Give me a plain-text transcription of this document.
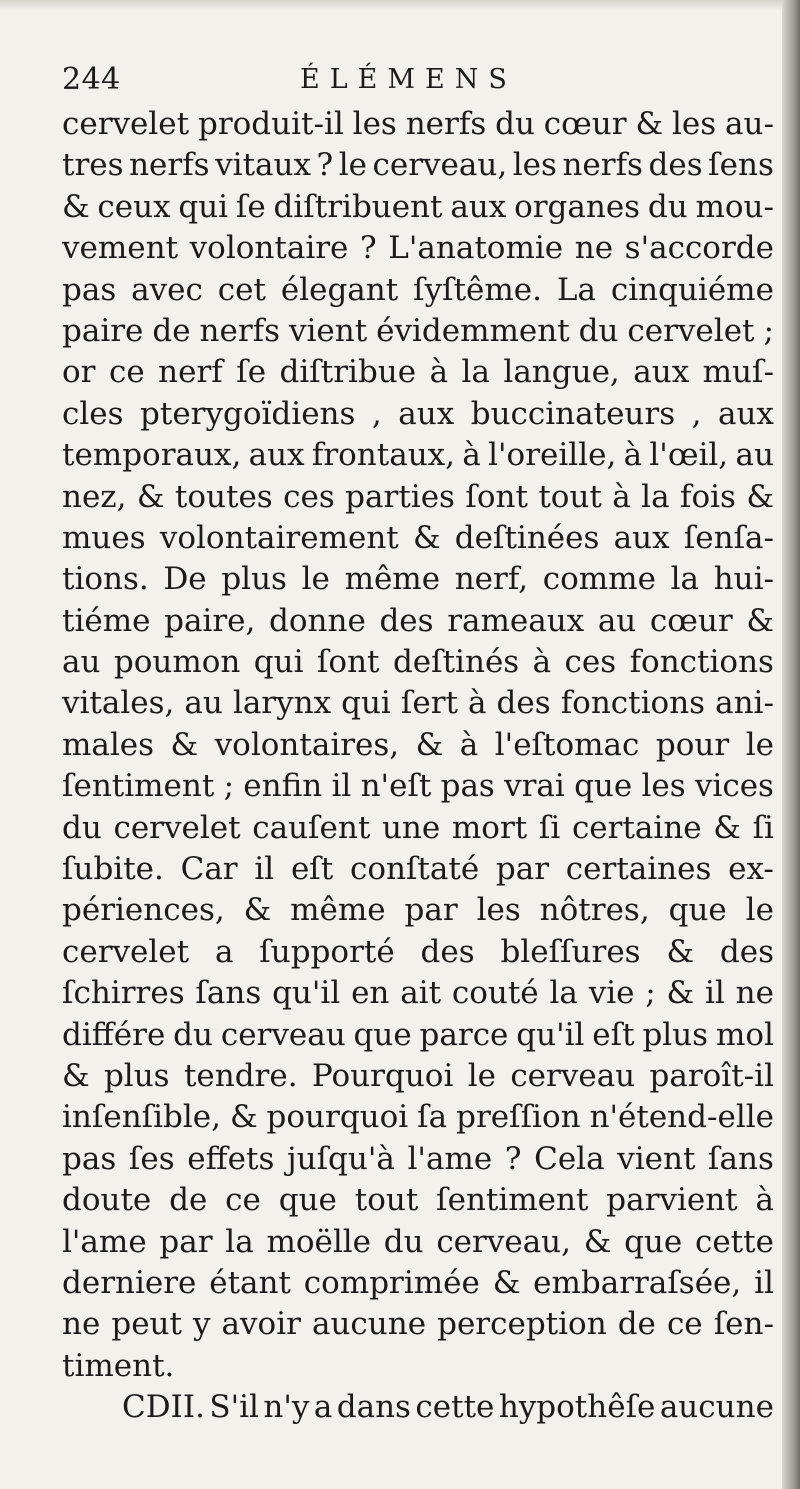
244	ÉLÉMENS
cervelet produit-il les nerfs du cœur & les au-
tres nerfs vitaux ? le cerveau, les nerfs des ſens
& ceux qui ſe diſtribuent aux organes du mou-
vement volontaire ? L'anatomie ne s'accorde
pas avec cet élegant ſyſtême. La cinquiéme
paire de nerfs vient évidemment du cervelet ;
or ce nerf ſe diſtribue à la langue, aux muſ-
cles pterygoïdiens , aux buccinateurs , aux
temporaux, aux frontaux, à l'oreille, à l'œil, au
nez, & toutes ces parties ſont tout à la fois &
mues volontairement & deſtinées aux ſenſa-
tions. De plus le même nerf, comme la hui-
tiéme paire, donne des rameaux au cœur &
au poumon qui ſont deſtinés à ces fonctions
vitales, au larynx qui ſert à des fonctions ani-
males & volontaires, & à l'eſtomac pour le
ſentiment ; enfin il n'eſt pas vrai que les vices
du cervelet cauſent une mort ſi certaine & ſi
ſubite. Car il eſt conſtaté par certaines ex-
périences, & même par les nôtres, que le
cervelet a ſupporté des bleſſures & des
ſchirres ſans qu'il en ait couté la vie ; & il ne
différe du cerveau que parce qu'il eſt plus mol
& plus tendre. Pourquoi le cerveau paroît-il
inſenſible, & pourquoi ſa preſſion n'étend-elle
pas ſes effets juſqu'à l'ame ? Cela vient ſans
doute de ce que tout ſentiment parvient à
l'ame par la moëlle du cerveau, & que cette
derniere étant comprimée & embarraſsée, il
ne peut y avoir aucune perception de ce ſen-
timent.
CDII. S'il n'y a dans cette hypothêſe aucune
